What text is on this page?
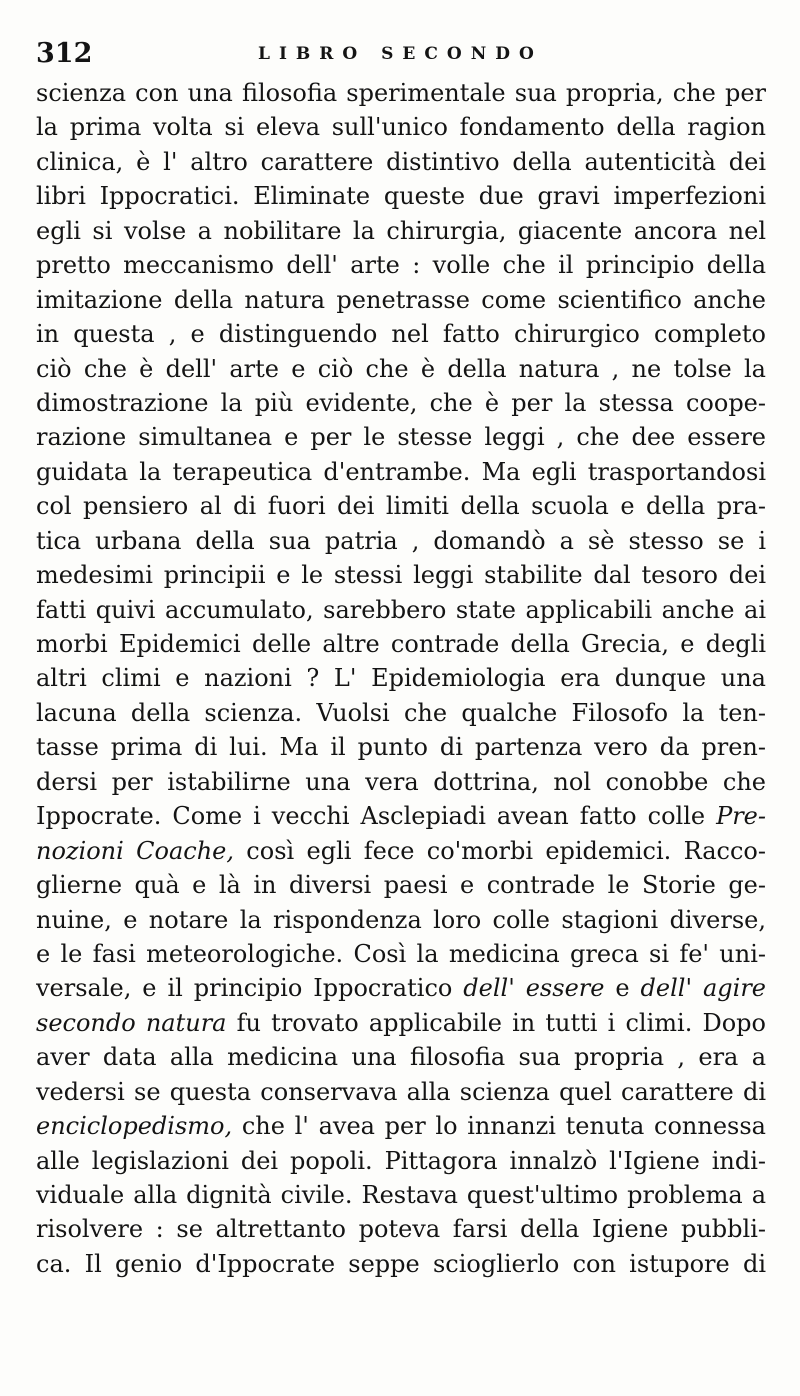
312	LIBRO SECONDO
scienza con una filosofia sperimentale sua propria, che per
la prima volta si eleva sull'unico fondamento della ragion
clinica, è l' altro carattere distintivo della autenticità dei
libri Ippocratici. Eliminate queste due gravi imperfezioni
egli si volse a nobilitare la chirurgia, giacente ancora nel
pretto meccanismo dell' arte : volle che il principio della
imitazione della natura penetrasse come scientifico anche
in questa , e distinguendo nel fatto chirurgico completo
ciò che è dell' arte e ciò che è della natura , ne tolse la
dimostrazione la più evidente, che è per la stessa coope-
razione simultanea e per le stesse leggi , che dee essere
guidata la terapeutica d'entrambe. Ma egli trasportandosi
col pensiero al di fuori dei limiti della scuola e della pra-
tica urbana della sua patria , domandò a sè stesso se i
medesimi principii e le stessi leggi stabilite dal tesoro dei
fatti quivi accumulato, sarebbero state applicabili anche ai
morbi Epidemici delle altre contrade della Grecia, e degli
altri climi e nazioni ? L' Epidemiologia era dunque una
lacuna della scienza. Vuolsi che qualche Filosofo la ten-
tasse prima di lui. Ma il punto di partenza vero da pren-
dersi per istabilirne una vera dottrina, nol conobbe che
Ippocrate. Come i vecchi Asclepiadi avean fatto colle Pre-
nozioni Coache, così egli fece co'morbi epidemici. Racco-
glierne quà e là in diversi paesi e contrade le Storie ge-
nuine, e notare la rispondenza loro colle stagioni diverse,
e le fasi meteorologiche. Così la medicina greca si fe' uni-
versale, e il principio Ippocratico dell' essere e dell' agire
secondo natura fu trovato applicabile in tutti i climi. Dopo
aver data alla medicina una filosofia sua propria , era a
vedersi se questa conservava alla scienza quel carattere di
enciclopedismo, che l' avea per lo innanzi tenuta connessa
alle legislazioni dei popoli. Pittagora innalzò l'Igiene indi-
viduale alla dignità civile. Restava quest'ultimo problema a
risolvere : se altrettanto poteva farsi della Igiene pubbli-
ca. Il genio d'Ippocrate seppe scioglierlo con istupore di
